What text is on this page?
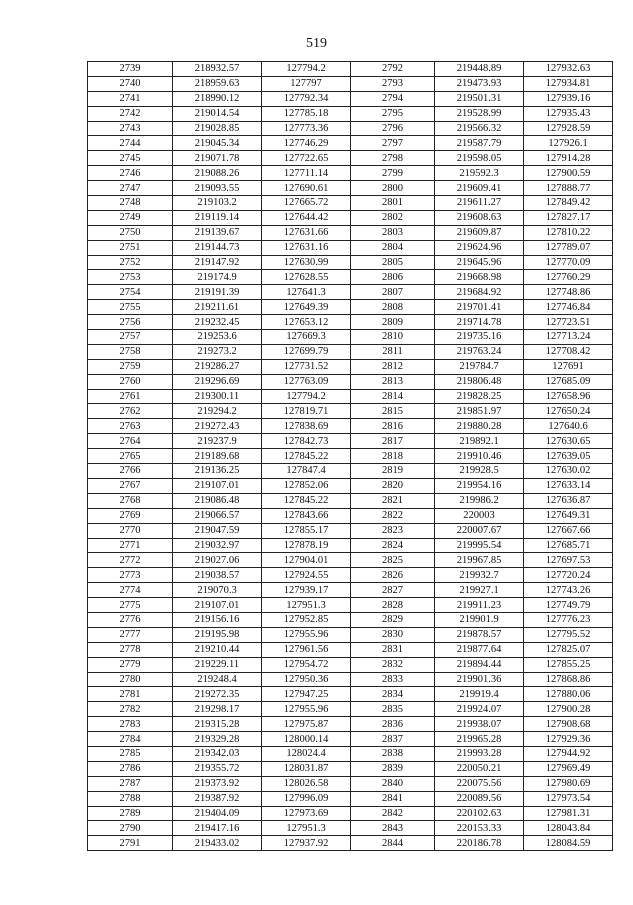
519
2739	218932.57	127794.2	2792	219448.89	127932.63
2740	218959.63	127797	2793	219473.93	127934.81
2741	218990.12	127792.34	2794	219501.31	127939.16
2742	219014.54	127785.18	2795	219528.99	127935.43
2743	219028.85	127773.36	2796	219566.32	127928.59
2744	219045.34	127746.29	2797	219587.79	127926.1
2745	219071.78	127722.65	2798	219598.05	127914.28
2746	219088.26	127711.14	2799	219592.3	127900.59
2747	219093.55	127690.61	2800	219609.41	127888.77
2748	219103.2	127665.72	2801	219611.27	127849.42
2749	219119.14	127644.42	2802	219608.63	127827.17
2750	219139.67	127631.66	2803	219609.87	127810.22
2751	219144.73	127631.16	2804	219624.96	127789.07
2752	219147.92	127630.99	2805	219645.96	127770.09
2753	219174.9	127628.55	2806	219668.98	127760.29
2754	219191.39	127641.3	2807	219684.92	127748.86
2755	219211.61	127649.39	2808	219701.41	127746.84
2756	219232.45	127653.12	2809	219714.78	127723.51
2757	219253.6	127669.3	2810	219735.16	127713.24
2758	219273.2	127699.79	2811	219763.24	127708.42
2759	219286.27	127731.52	2812	219784.7	127691
2760	219296.69	127763.09	2813	219806.48	127685.09
2761	219300.11	127794.2	2814	219828.25	127658.96
2762	219294.2	127819.71	2815	219851.97	127650.24
2763	219272.43	127838.69	2816	219880.28	127640.6
2764	219237.9	127842.73	2817	219892.1	127630.65
2765	219189.68	127845.22	2818	219910.46	127639.05
2766	219136.25	127847.4	2819	219928.5	127630.02
2767	219107.01	127852.06	2820	219954.16	127633.14
2768	219086.48	127845.22	2821	219986.2	127636.87
2769	219066.57	127843.66	2822	220003	127649.31
2770	219047.59	127855.17	2823	220007.67	127667.66
2771	219032.97	127878.19	2824	219995.54	127685.71
2772	219027.06	127904.01	2825	219967.85	127697.53
2773	219038.57	127924.55	2826	219932.7	127720.24
2774	219070.3	127939.17	2827	219927.1	127743.26
2775	219107.01	127951.3	2828	219911.23	127749.79
2776	219156.16	127952.85	2829	219901.9	127776.23
2777	219195.98	127955.96	2830	219878.57	127795.52
2778	219210.44	127961.56	2831	219877.64	127825.07
2779	219229.11	127954.72	2832	219894.44	127855.25
2780	219248.4	127950.36	2833	219901.36	127868.86
2781	219272.35	127947.25	2834	219919.4	127880.06
2782	219298.17	127955.96	2835	219924.07	127900.28
2783	219315.28	127975.87	2836	219938.07	127908.68
2784	219329.28	128000.14	2837	219965.28	127929.36
2785	219342.03	128024.4	2838	219993.28	127944.92
2786	219355.72	128031.87	2839	220050.21	127969.49
2787	219373.92	128026.58	2840	220075.56	127980.69
2788	219387.92	127996.09	2841	220089.56	127973.54
2789	219404.09	127973.69	2842	220102.63	127981.31
2790	219417.16	127951.3	2843	220153.33	128043.84
2791	219433.02	127937.92	2844	220186.78	128084.59
